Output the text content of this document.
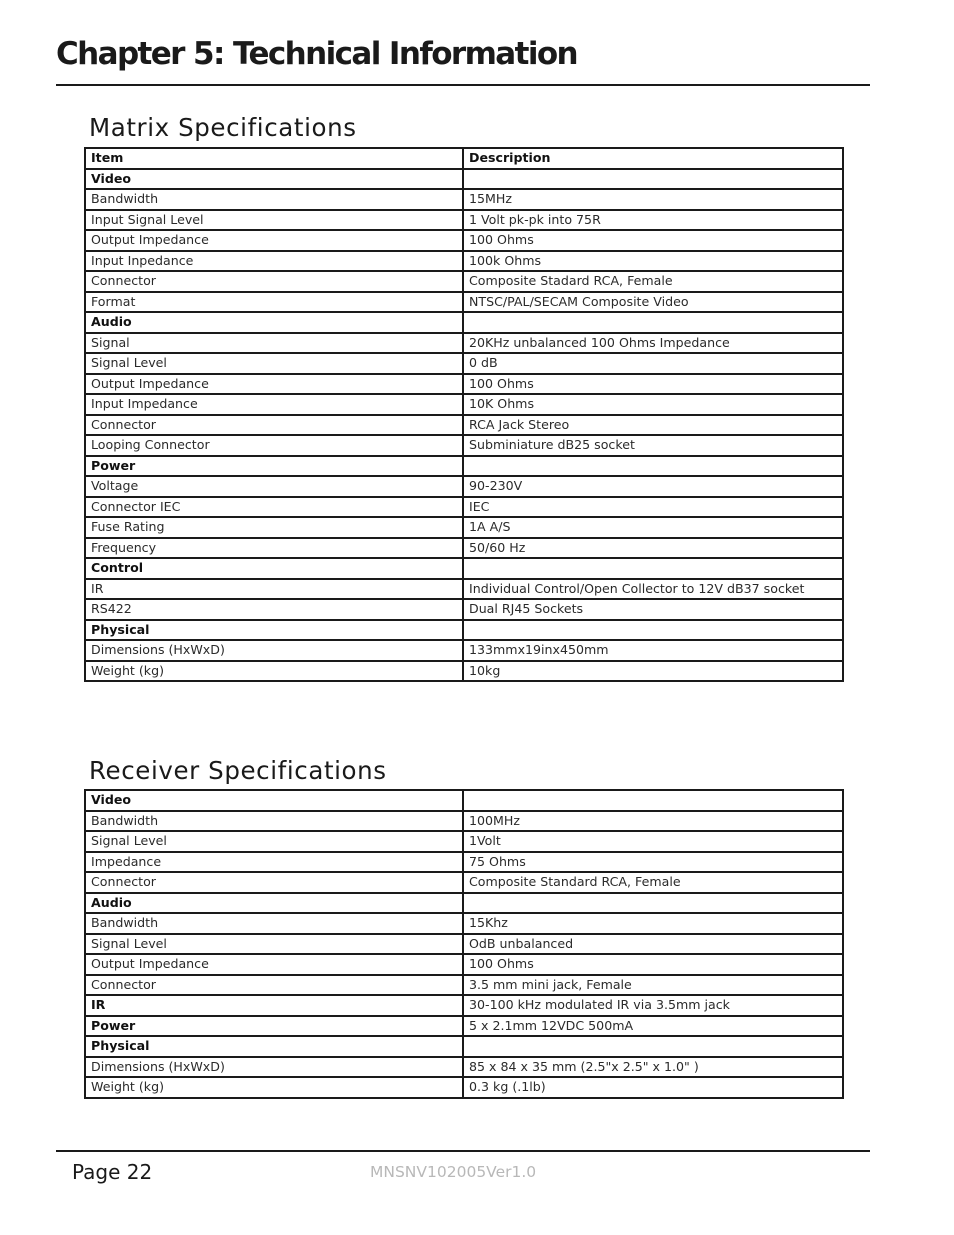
Chapter 5: Technical Information
Matrix Specifications
Item	Description
Video	
Bandwidth	15MHz
Input Signal Level	1 Volt pk-pk into 75R
Output Impedance	100 Ohms
Input Inpedance	100k Ohms
Connector	Composite Stadard RCA, Female
Format	NTSC/PAL/SECAM Composite Video
Audio	
Signal	20KHz unbalanced 100 Ohms Impedance
Signal Level	0 dB
Output Impedance	100 Ohms
Input Impedance	10K Ohms
Connector	RCA Jack Stereo
Looping Connector	Subminiature dB25 socket
Power	
Voltage	90-230V
Connector IEC	IEC
Fuse Rating	1A A/S
Frequency	50/60 Hz
Control	
IR	Individual Control/Open Collector to 12V dB37 socket
RS422	Dual RJ45 Sockets
Physical	
Dimensions (HxWxD)	133mmx19inx450mm
Weight (kg)	10kg
Receiver Specifications
Video	
Bandwidth	100MHz
Signal Level	1Volt
Impedance	75 Ohms
Connector	Composite Standard RCA, Female
Audio	
Bandwidth	15Khz
Signal Level	OdB unbalanced
Output Impedance	100 Ohms
Connector	3.5 mm mini jack, Female
IR	30-100 kHz modulated IR via 3.5mm jack
Power	5 x 2.1mm 12VDC 500mA
Physical	
Dimensions (HxWxD)	85 x 84 x 35 mm (2.5"x 2.5" x 1.0" )
Weight (kg)	0.3 kg (.1lb)
Page 22	MNSNV102005Ver1.0
